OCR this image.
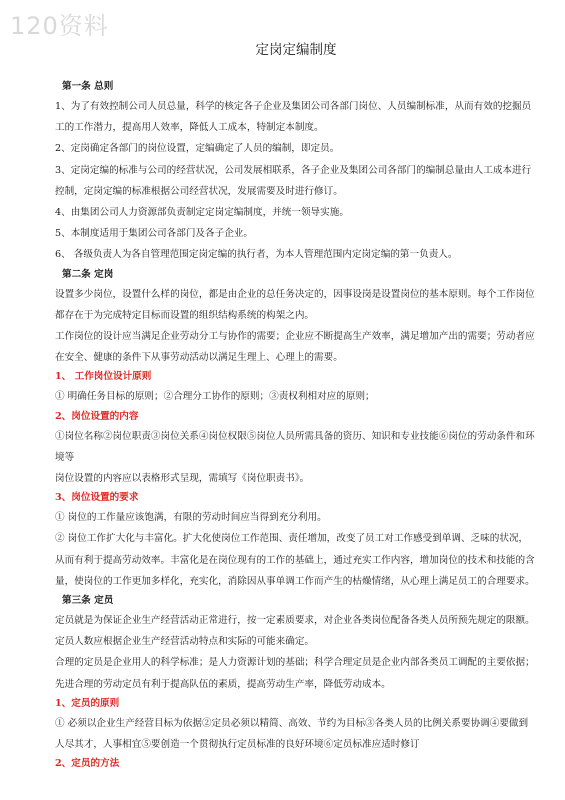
120资料
定岗定编制度
第一条 总则

1、为了有效控制公司人员总量，科学的核定各子企业及集团公司各部门岗位、人员编制标准，从而有效的挖掘员工的工作潜力，提高用人效率，降低人工成本，特制定本制度。

2、定岗确定各部门的岗位设置，定编确定了人员的编制，即定员。

3、定岗定编的标准与公司的经营状况，公司发展相联系，各子企业及集团公司各部门的编制总量由人工成本进行控制，定岗定编的标准根据公司经营状况，发展需要及时进行修订。

4、由集团公司人力资源部负责制定定岗定编制度，并统一领导实施。

5、本制度适用于集团公司各部门及各子企业。

6、 各级负责人为各自管理范围定岗定编的执行者，为本人管理范围内定岗定编的第一负责人。

第二条 定岗

设置多少岗位，设置什么样的岗位，都是由企业的总任务决定的，因事设岗是设置岗位的基本原则。每个工作岗位都存在于为完成特定目标而设置的组织结构系统的构架之内。

工作岗位的设计应当满足企业劳动分工与协作的需要；企业应不断提高生产效率，满足增加产出的需要；劳动者应在安全、健康的条件下从事劳动活动以满足生理上、心理上的需要。

1、 工作岗位设计原则

① 明确任务目标的原则；②合理分工协作的原则；③责权利相对应的原则；

2、岗位设置的内容

①岗位名称②岗位职责③岗位关系④岗位权限⑤岗位人员所需具备的资历、知识和专业技能⑥岗位的劳动条件和环境等

岗位设置的内容应以表格形式呈现，需填写《岗位职责书》。

3、岗位设置的要求

① 岗位的工作量应该饱满，有限的劳动时间应当得到充分利用。

② 岗位工作扩大化与丰富化。扩大化使岗位工作范围、责任增加，改变了员工对工作感受到单调、乏味的状况，从而有利于提高劳动效率。丰富化是在岗位现有的工作的基础上，通过充实工作内容，增加岗位的技术和技能的含量，使岗位的工作更加多样化，充实化，消除因从事单调工作而产生的枯燥情绪，从心理上满足员工的合理要求。

第三条 定员

定员就是为保证企业生产经营活动正常进行，按一定素质要求，对企业各类岗位配备各类人员所预先规定的限额。定员人数应根据企业生产经营活动特点和实际的可能来确定。

合理的定员是企业用人的科学标准；是人力资源计划的基础；科学合理定员是企业内部各类员工调配的主要依据；先进合理的劳动定员有利于提高队伍的素质，提高劳动生产率，降低劳动成本。

1、定员的原则

① 必须以企业生产经营目标为依据②定员必须以精简、高效、节约为目标③各类人员的比例关系要协调④要做到人尽其才，人事相宜⑤要创造一个贯彻执行定员标准的良好环境⑥定员标准应适时修订

2、定员的方法
